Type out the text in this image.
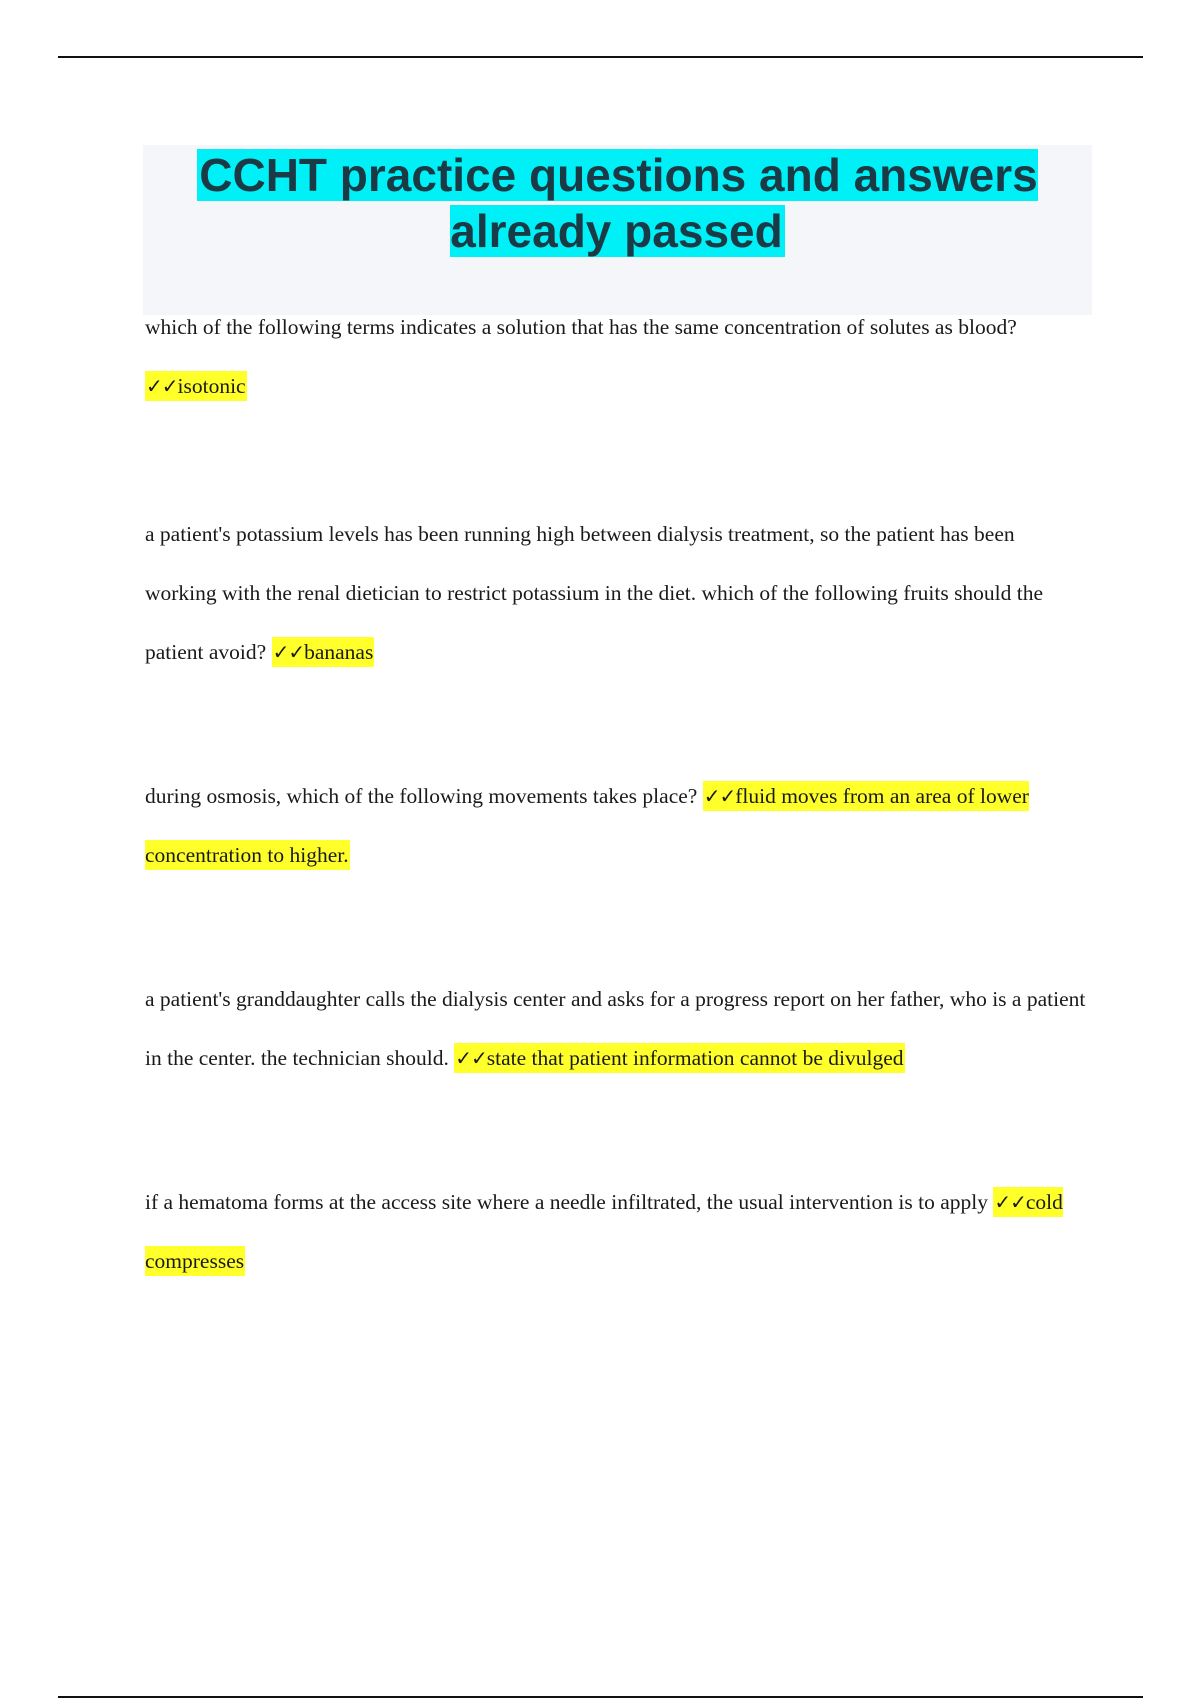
CCHT practice questions and answers already passed

which of the following terms indicates a solution that has the same concentration of solutes as blood? ✓✓isotonic

a patient's potassium levels has been running high between dialysis treatment, so the patient has been working with the renal dietician to restrict potassium in the diet. which of the following fruits should the patient avoid? ✓✓bananas

during osmosis, which of the following movements takes place? ✓✓fluid moves from an area of lower concentration to higher.

a patient's granddaughter calls the dialysis center and asks for a progress report on her father, who is a patient in the center. the technician should. ✓✓state that patient information cannot be divulged

if a hematoma forms at the access site where a needle infiltrated, the usual intervention is to apply ✓✓cold compresses
